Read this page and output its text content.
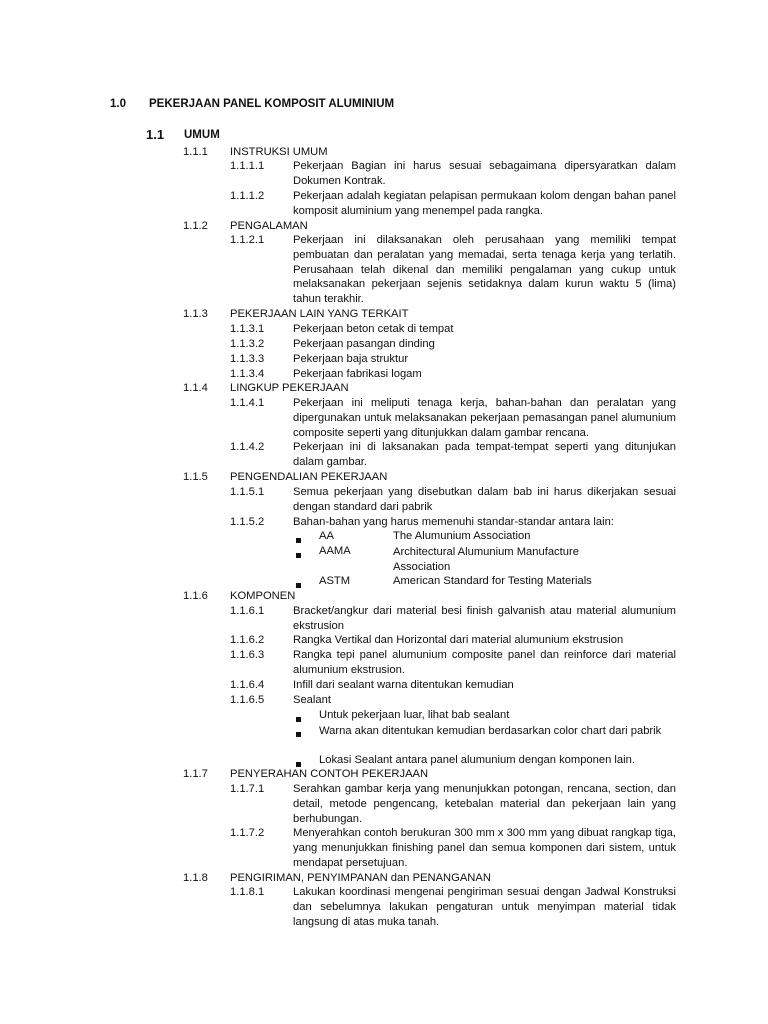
1.0 PEKERJAAN PANEL KOMPOSIT ALUMINIUM
1.1 UMUM
1.1.1 INSTRUKSI UMUM
1.1.1.1	Pekerjaan Bagian ini harus sesuai sebagaimana dipersyaratkan dalam Dokumen Kontrak.
1.1.1.2	Pekerjaan adalah kegiatan pelapisan permukaan kolom dengan bahan panel komposit aluminium yang menempel pada rangka.
1.1.2 PENGALAMAN
1.1.2.1	Pekerjaan ini dilaksanakan oleh perusahaan yang memiliki tempat pembuatan dan peralatan yang memadai, serta tenaga kerja yang terlatih. Perusahaan telah dikenal dan memiliki pengalaman yang cukup untuk melaksanakan pekerjaan sejenis setidaknya dalam kurun waktu 5 (lima) tahun terakhir.
1.1.3 PEKERJAAN LAIN YANG TERKAIT
1.1.3.1	Pekerjaan beton cetak di tempat
1.1.3.2	Pekerjaan pasangan dinding
1.1.3.3	Pekerjaan baja struktur
1.1.3.4	Pekerjaan fabrikasi logam
1.1.4 LINGKUP PEKERJAAN
1.1.4.1	Pekerjaan ini meliputi tenaga kerja, bahan-bahan dan peralatan yang dipergunakan untuk melaksanakan pekerjaan pemasangan panel alumunium composite seperti yang ditunjukkan dalam gambar rencana.
1.1.4.2	Pekerjaan ini di laksanakan pada tempat-tempat seperti yang ditunjukan dalam gambar.
1.1.5 PENGENDALIAN PEKERJAAN
1.1.5.1	Semua pekerjaan yang disebutkan dalam bab ini harus dikerjakan sesuai dengan standard dari pabrik
1.1.5.2	Bahan-bahan yang harus memenuhi standar-standar antara lain:
AA	The Alumunium Association
AAMA	Architectural Alumunium Manufacture Association
ASTM	American Standard for Testing Materials
1.1.6 KOMPONEN
1.1.6.1	Bracket/angkur dari material besi finish galvanish atau material alumunium ekstrusion
1.1.6.2	Rangka Vertikal dan Horizontal dari material alumunium ekstrusion
1.1.6.3	Rangka tepi panel alumunium composite panel dan reinforce dari material alumunium ekstrusion.
1.1.6.4	Infill dari sealant warna ditentukan kemudian
1.1.6.5	Sealant
Untuk pekerjaan luar, lihat bab sealant
Warna akan ditentukan kemudian berdasarkan color chart dari pabrik
Lokasi Sealant antara panel alumunium dengan komponen lain.
1.1.7 PENYERAHAN CONTOH PEKERJAAN
1.1.7.1	Serahkan gambar kerja yang menunjukkan potongan, rencana, section, dan detail, metode pengencang, ketebalan material dan pekerjaan lain yang berhubungan.
1.1.7.2	Menyerahkan contoh berukuran 300 mm x 300 mm yang dibuat rangkap tiga, yang menunjukkan finishing panel dan semua komponen dari sistem, untuk mendapat persetujuan.
1.1.8 PENGIRIMAN, PENYIMPANAN dan PENANGANAN
1.1.8.1	Lakukan koordinasi mengenai pengiriman sesuai dengan Jadwal Konstruksi dan sebelumnya lakukan pengaturan untuk menyimpan material tidak langsung di atas muka tanah.
